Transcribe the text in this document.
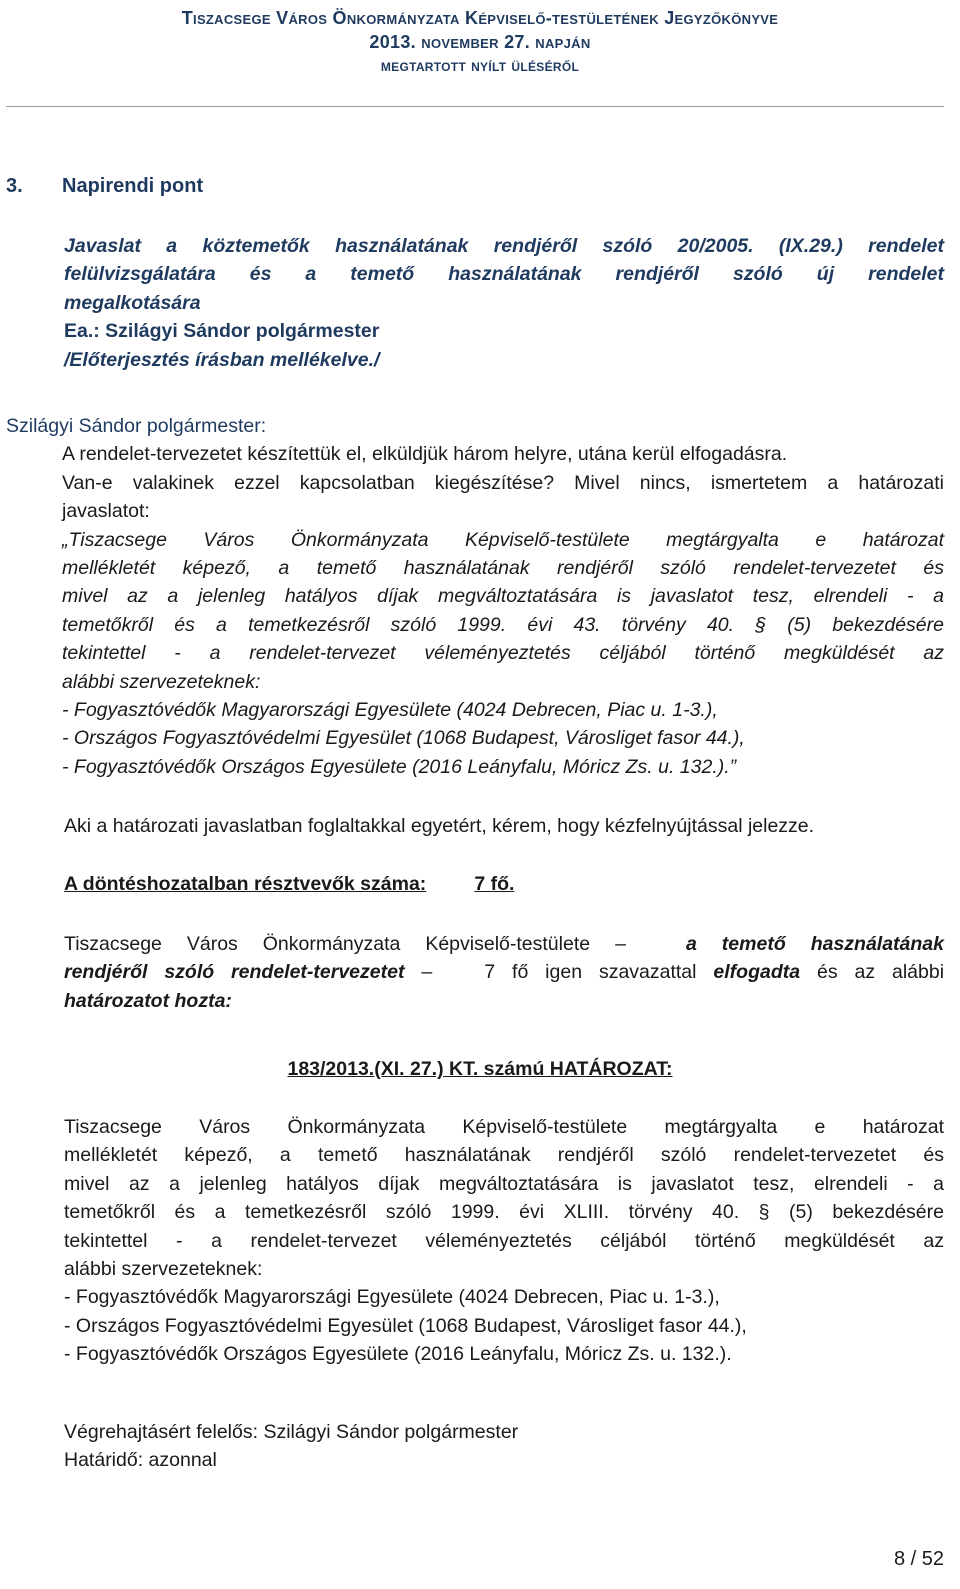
Tiszacsege Város Önkormányzata Képviselő-testületének Jegyzőkönyve
2013. november 27. napján
megtartott nyílt üléséről
3. Napirendi pont

Javaslat a köztemetők használatának rendjéről szóló 20/2005. (IX.29.) rendelet

felülvizsgálatára és a temető használatának rendjéről szóló új rendelet

megalkotására

Ea.: Szilágyi Sándor polgármester

/Előterjesztés írásban mellékelve./

Szilágyi Sándor polgármester:

A rendelet-tervezetet készítettük el, elküldjük három helyre, utána kerül elfogadásra.

Van-e valakinek ezzel kapcsolatban kiegészítése? Mivel nincs, ismertetem a határozati

javaslatot:

„Tiszacsege Város Önkormányzata Képviselő-testülete megtárgyalta e határozat

mellékletét képező, a temető használatának rendjéről szóló rendelet-tervezetet és

mivel az a jelenleg hatályos díjak megváltoztatására is javaslatot tesz, elrendeli - a

temetőkről és a temetkezésről szóló 1999. évi 43. törvény 40. § (5) bekezdésére

tekintettel - a rendelet-tervezet véleményeztetés céljából történő megküldését az

alábbi szervezeteknek:

- Fogyasztóvédők Magyarországi Egyesülete (4024 Debrecen, Piac u. 1-3.),

- Országos Fogyasztóvédelmi Egyesület (1068 Budapest, Városliget fasor 44.),

- Fogyasztóvédők Országos Egyesülete (2016 Leányfalu, Móricz Zs. u. 132.).”

Aki a határozati javaslatban foglaltakkal egyetért, kérem, hogy kézfelnyújtással jelezze.
A döntéshozatalban résztvevők száma: 7 fő.

Tiszacsege Város Önkormányzata Képviselő-testülete –	a temető használatának

rendjéről szóló rendelet-tervezetet –	7 fő igen szavazattal elfogadta és az alábbi

határozatot hozta:

183/2013.(XI. 27.) KT. számú HATÁROZAT:

Tiszacsege Város Önkormányzata Képviselő-testülete megtárgyalta e határozat

mellékletét képező, a temető használatának rendjéről szóló rendelet-tervezetet és

mivel az a jelenleg hatályos díjak megváltoztatására is javaslatot tesz, elrendeli - a

temetőkről és a temetkezésről szóló 1999. évi XLIII. törvény 40. § (5) bekezdésére

tekintettel - a rendelet-tervezet véleményeztetés céljából történő megküldését az

alábbi szervezeteknek:

- Fogyasztóvédők Magyarországi Egyesülete (4024 Debrecen, Piac u. 1-3.),

- Országos Fogyasztóvédelmi Egyesület (1068 Budapest, Városliget fasor 44.),

- Fogyasztóvédők Országos Egyesülete (2016 Leányfalu, Móricz Zs. u. 132.).

Végrehajtásért felelős: Szilágyi Sándor polgármester

Határidő: azonnal

8 / 52
